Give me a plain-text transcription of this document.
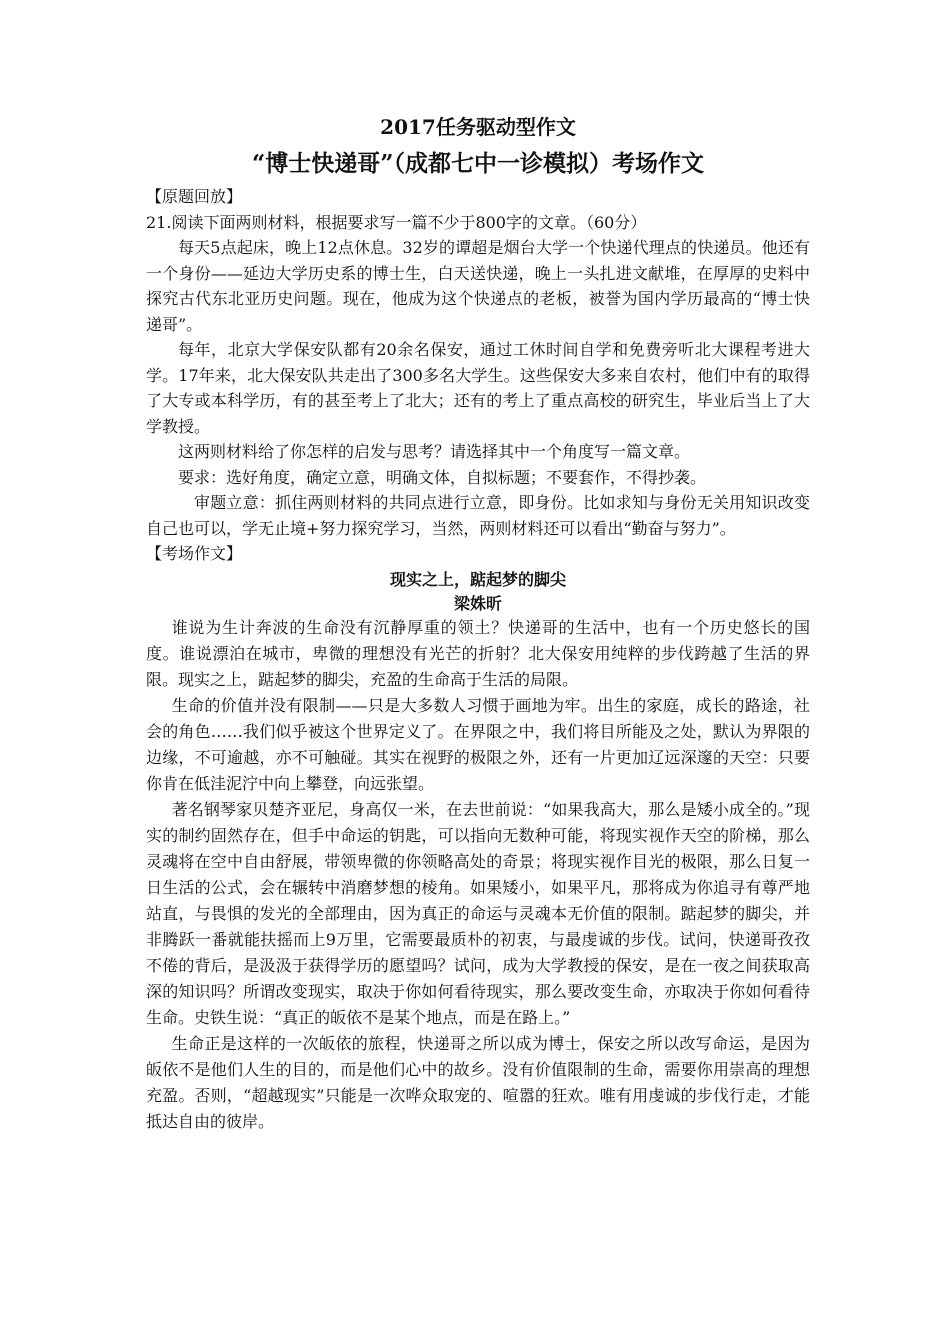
2017任务驱动型作文
“博士快递哥”（成都七中一诊模拟）考场作文

【原题回放】

21.阅读下面两则材料，根据要求写一篇不少于800字的文章。（60分）

每天5点起床，晚上12点休息。32岁的谭超是烟台大学一个快递代理点的快递员。他还有一个身份——延边大学历史系的博士生，白天送快递，晚上一头扎进文献堆，在厚厚的史料中探究古代东北亚历史问题。现在，他成为这个快递点的老板，被誉为国内学历最高的“博士快递哥”。

每年，北京大学保安队都有20余名保安，通过工休时间自学和免费旁听北大课程考进大学。17年来，北大保安队共走出了300多名大学生。这些保安大多来自农村，他们中有的取得了大专或本科学历，有的甚至考上了北大；还有的考上了重点高校的研究生，毕业后当上了大学教授。

这两则材料给了你怎样的启发与思考？请选择其中一个角度写一篇文章。

要求：选好角度，确定立意，明确文体，自拟标题；不要套作，不得抄袭。

审题立意：抓住两则材料的共同点进行立意，即身份。比如求知与身份无关用知识改变自己也可以，学无止境+努力探究学习，当然，两则材料还可以看出“勤奋与努力”。

【考场作文】

现实之上，踮起梦的脚尖
梁姝昕

谁说为生计奔波的生命没有沉静厚重的领土？快递哥的生活中，也有一个历史悠长的国度。谁说漂泊在城市，卑微的理想没有光芒的折射？北大保安用纯粹的步伐跨越了生活的界限。现实之上，踮起梦的脚尖，充盈的生命高于生活的局限。

生命的价值并没有限制——只是大多数人习惯于画地为牢。出生的家庭，成长的路途，社会的角色……我们似乎被这个世界定义了。在界限之中，我们将目所能及之处，默认为界限的边缘，不可逾越，亦不可触碰。其实在视野的极限之外，还有一片更加辽远深邃的天空：只要你肯在低洼泥泞中向上攀登，向远张望。

著名钢琴家贝楚齐亚尼，身高仅一米，在去世前说：“如果我高大，那么是矮小成全的。”现实的制约固然存在，但手中命运的钥匙，可以指向无数种可能，将现实视作天空的阶梯，那么灵魂将在空中自由舒展，带领卑微的你领略高处的奇景；将现实视作目光的极限，那么日复一日生活的公式，会在辗转中消磨梦想的棱角。如果矮小，如果平凡，那将成为你追寻有尊严地站直，与畏惧的发光的全部理由，因为真正的命运与灵魂本无价值的限制。踮起梦的脚尖，并非腾跃一番就能扶摇而上9万里，它需要最质朴的初衷，与最虔诚的步伐。试问，快递哥孜孜不倦的背后，是汲汲于获得学历的愿望吗？试问，成为大学教授的保安，是在一夜之间获取高深的知识吗？所谓改变现实，取决于你如何看待现实，那么要改变生命，亦取决于你如何看待生命。史铁生说：“真正的皈依不是某个地点，而是在路上。”

生命正是这样的一次皈依的旅程，快递哥之所以成为博士，保安之所以改写命运，是因为皈依不是他们人生的目的，而是他们心中的故乡。没有价值限制的生命，需要你用崇高的理想充盈。否则，“超越现实”只能是一次哗众取宠的、喧嚣的狂欢。唯有用虔诚的步伐行走，才能抵达自由的彼岸。
